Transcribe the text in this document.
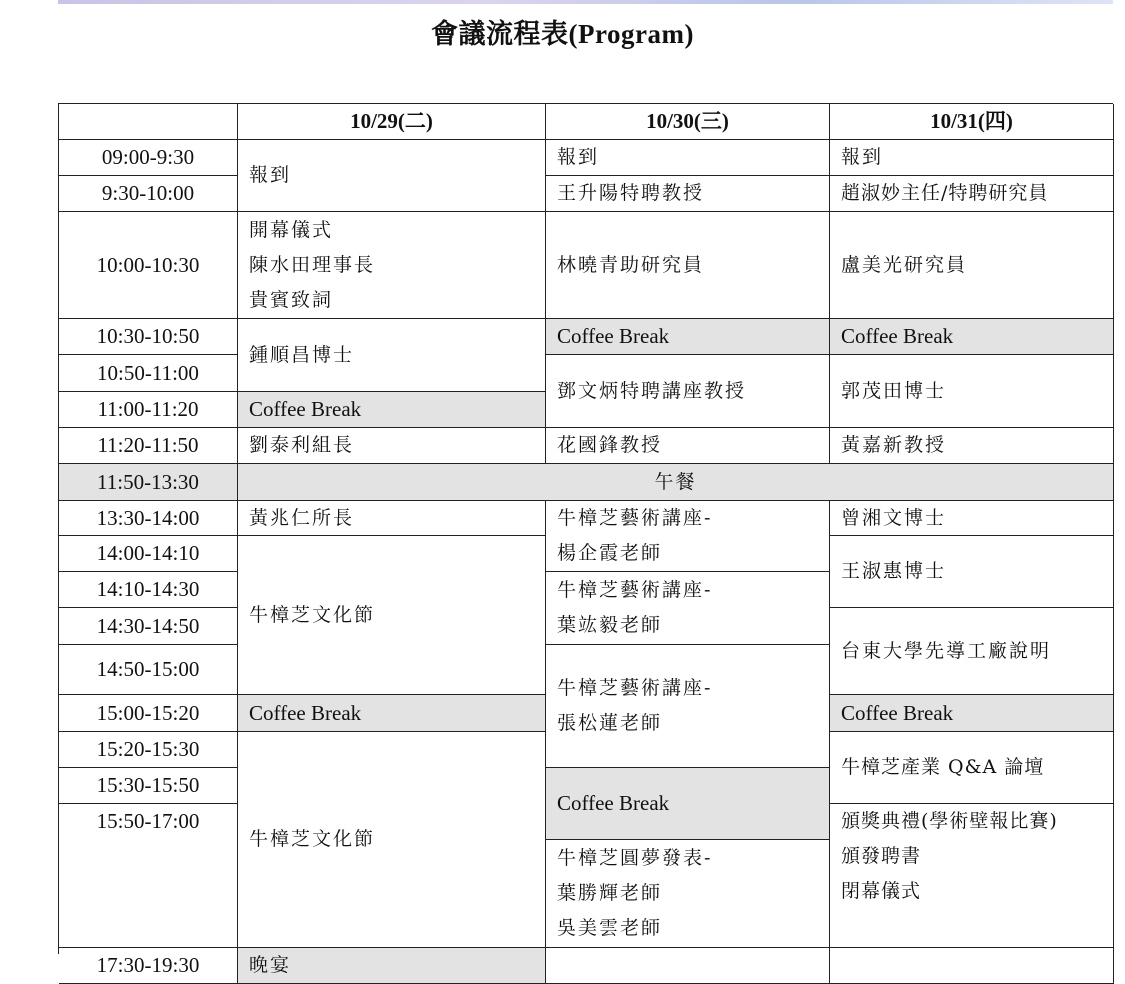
會議流程表(Program)
10/29(二)	10/30(三)	10/31(四)
09:00-9:30
9:30-10:00
10:00-10:30
10:30-10:50
10:50-11:00
11:00-11:20
11:20-11:50
11:50-13:30
13:30-14:00
14:00-14:10
14:10-14:30
14:30-14:50
14:50-15:00
15:00-15:20
15:20-15:30
15:30-15:50
15:50-17:00
17:30-19:30
報到
開幕儀式
陳水田理事長
貴賓致詞
鍾順昌博士
Coffee Break
劉泰利組長
黃兆仁所長
牛樟芝文化節
Coffee Break
牛樟芝文化節
晚宴
午餐
報到
王升陽特聘教授
林曉青助研究員
Coffee Break
鄧文炳特聘講座教授
花國鋒教授
牛樟芝藝術講座-
楊企霞老師
牛樟芝藝術講座-
葉竑毅老師
牛樟芝藝術講座-
張松蓮老師
Coffee Break
牛樟芝圓夢發表-
葉勝輝老師
吳美雲老師
報到
趙淑妙主任/特聘研究員
盧美光研究員
Coffee Break
郭茂田博士
黃嘉新教授
曾湘文博士
王淑惠博士
台東大學先導工廠說明
Coffee Break
牛樟芝產業 Q&A 論壇
頒獎典禮(學術壁報比賽)
頒發聘書
閉幕儀式
